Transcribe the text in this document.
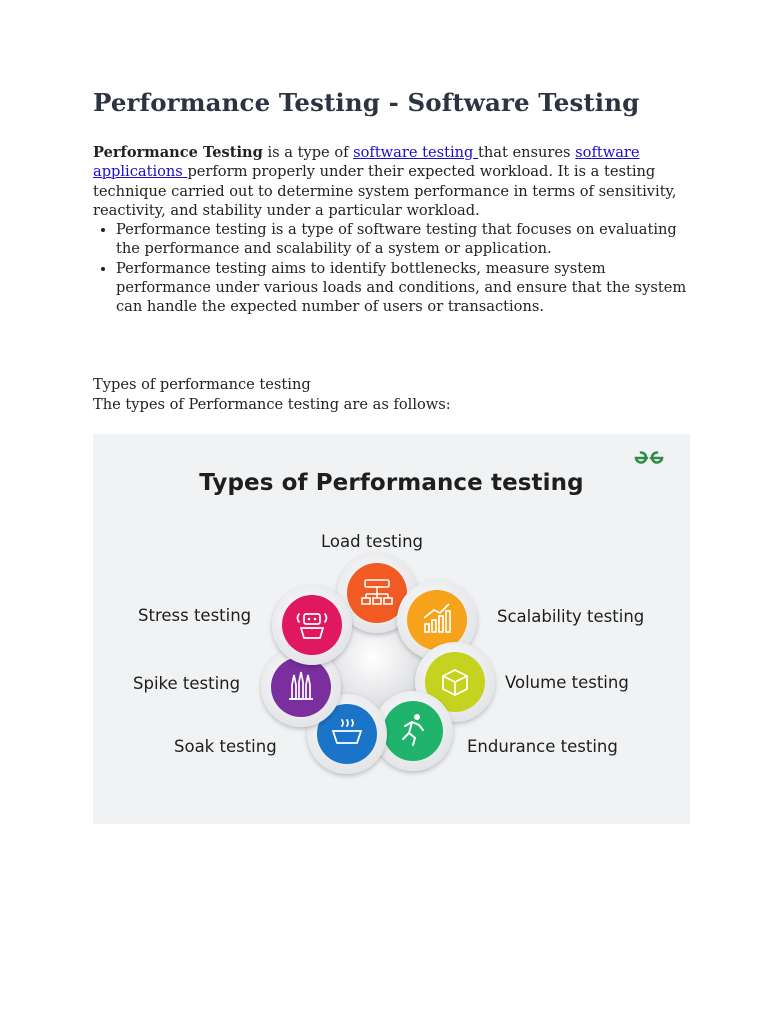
Performance Testing - Software Testing
Performance Testing is a type of software testing that ensures software applications perform properly under their expected workload. It is a testing technique carried out to determine system performance in terms of sensitivity, reactivity, and stability under a particular workload.
• Performance testing is a type of software testing that focuses on evaluating the performance and scalability of a system or application.
• Performance testing aims to identify bottlenecks, measure system performance under various loads and conditions, and ensure that the system can handle the expected number of users or transactions.
Types of performance testing
The types of Performance testing are as follows:
Types of Performance testing
Load testing
Scalability testing
Volume testing
Endurance testing
Soak testing
Spike testing
Stress testing
